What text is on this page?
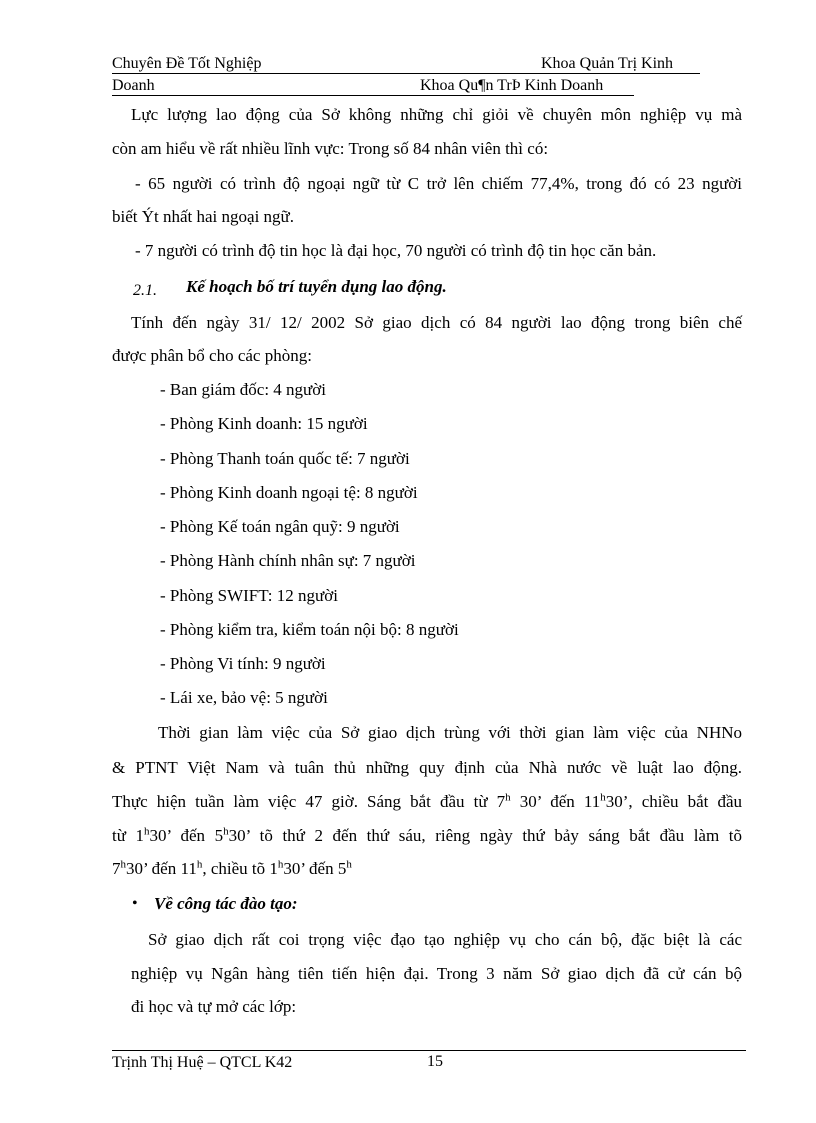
Chuyên Đề Tốt Nghiệp	Khoa Quản Trị Kinh
Doanh	Khoa Qu¶n TrÞ Kinh Doanh
Lực lượng lao động của Sở không những chỉ giỏi về chuyên môn nghiệp vụ mà
còn am hiểu về rất nhiều lĩnh vực: Trong số 84 nhân viên thì có:
- 65 người có trình độ ngoại ngữ từ C trở lên chiếm 77,4%, trong đó có 23 người
biết Ýt nhất hai ngoại ngữ.
- 7 người có trình độ tin học là đại học, 70 người có trình độ tin học căn bản.
2.1. Kế hoạch bố trí tuyển dụng lao động.
Tính đến ngày 31/ 12/ 2002 Sở giao dịch có 84 người lao động trong biên chế
được phân bổ cho các phòng:
- Ban giám đốc: 4 người
- Phòng Kinh doanh: 15 người
- Phòng Thanh toán quốc tế: 7 người
- Phòng Kinh doanh ngoại tệ: 8 người
- Phòng Kế toán ngân quỹ: 9 người
- Phòng Hành chính nhân sự: 7 người
- Phòng SWIFT: 12 người
- Phòng kiểm tra, kiểm toán nội bộ: 8 người
- Phòng Vi tính: 9 người
- Lái xe, bảo vệ: 5 người
Thời gian làm việc của Sở giao dịch trùng với thời gian làm việc của NHNo
& PTNT Việt Nam và tuân thủ những quy định của Nhà nước về luật lao động.
Thực hiện tuần làm việc 47 giờ. Sáng bắt đầu từ 7$^h$ 30’ đến 11$^h$30’, chiều bắt đầu
từ 1$^h$30’ đến 5$^h$30’ tõ thứ 2 đến thứ sáu, riêng ngày thứ bảy sáng bắt đầu làm tõ
7$^h$30’ đến 11$^h$, chiều tõ 1$^h$30’ đến 5$^h$
• Về công tác đào tạo:
Sở giao dịch rất coi trọng việc đạo tạo nghiệp vụ cho cán bộ, đặc biệt là các
nghiệp vụ Ngân hàng tiên tiến hiện đại. Trong 3 năm Sở giao dịch đã cử cán bộ
đi học và tự mở các lớp:
Trịnh Thị Huệ – QTCL K42	15
